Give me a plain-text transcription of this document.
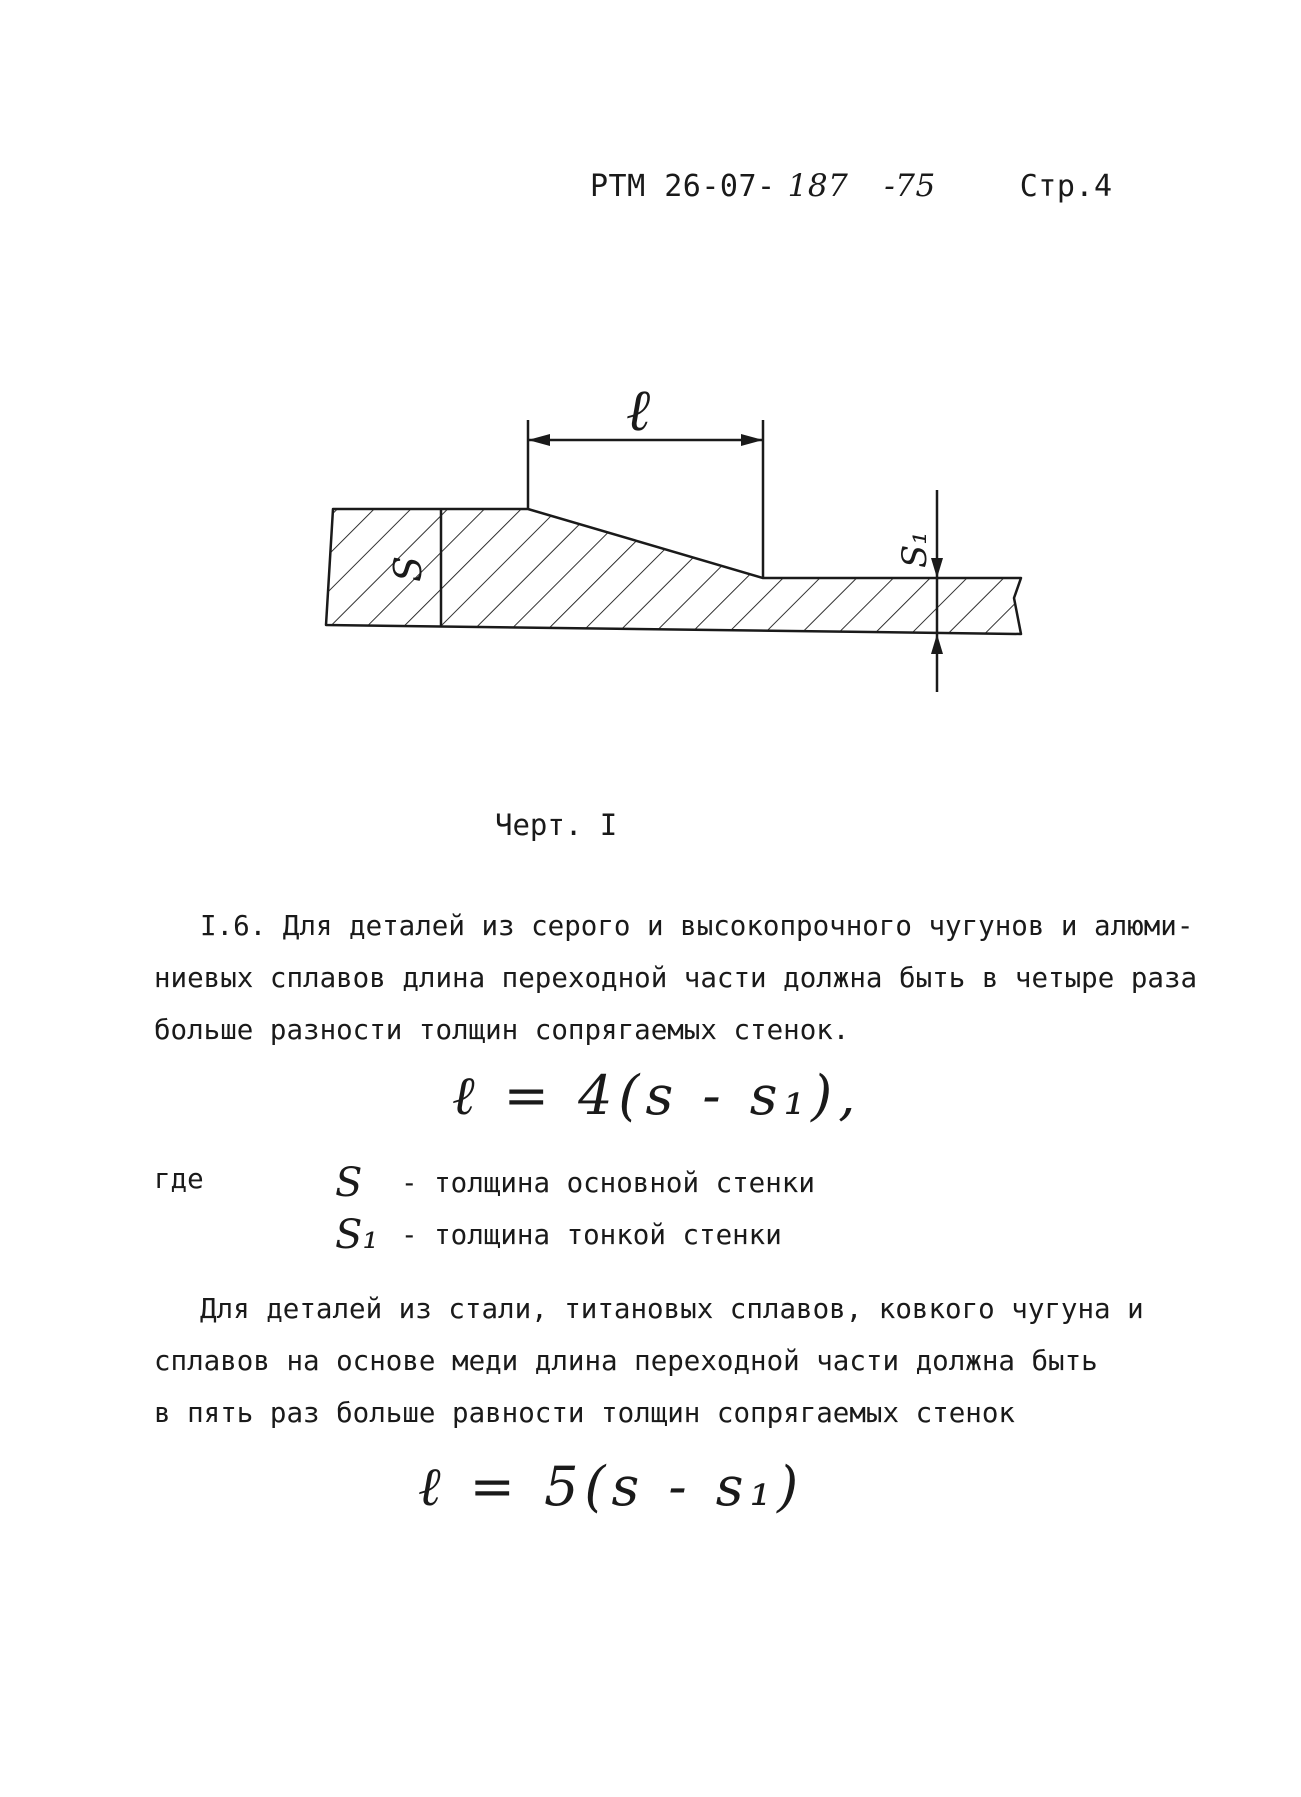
РТМ 26-07- 187 -75	Стр.4
S
ℓ
S₁
Черт. I
I.6. Для деталей из серого и высокопрочного чугунов и алюми-
ниевых сплавов длина переходной части должна быть в четыре раза
больше разности толщин сопрягаемых стенок.
ℓ = 4(s - s₁),
где	S - толщина основной стенки
S₁ - толщина тонкой стенки
Для деталей из стали, титановых сплавов, ковкого чугуна и
сплавов на основе меди длина переходной части должна быть
в пять раз больше равности толщин сопрягаемых стенок
ℓ = 5(s - s₁)
